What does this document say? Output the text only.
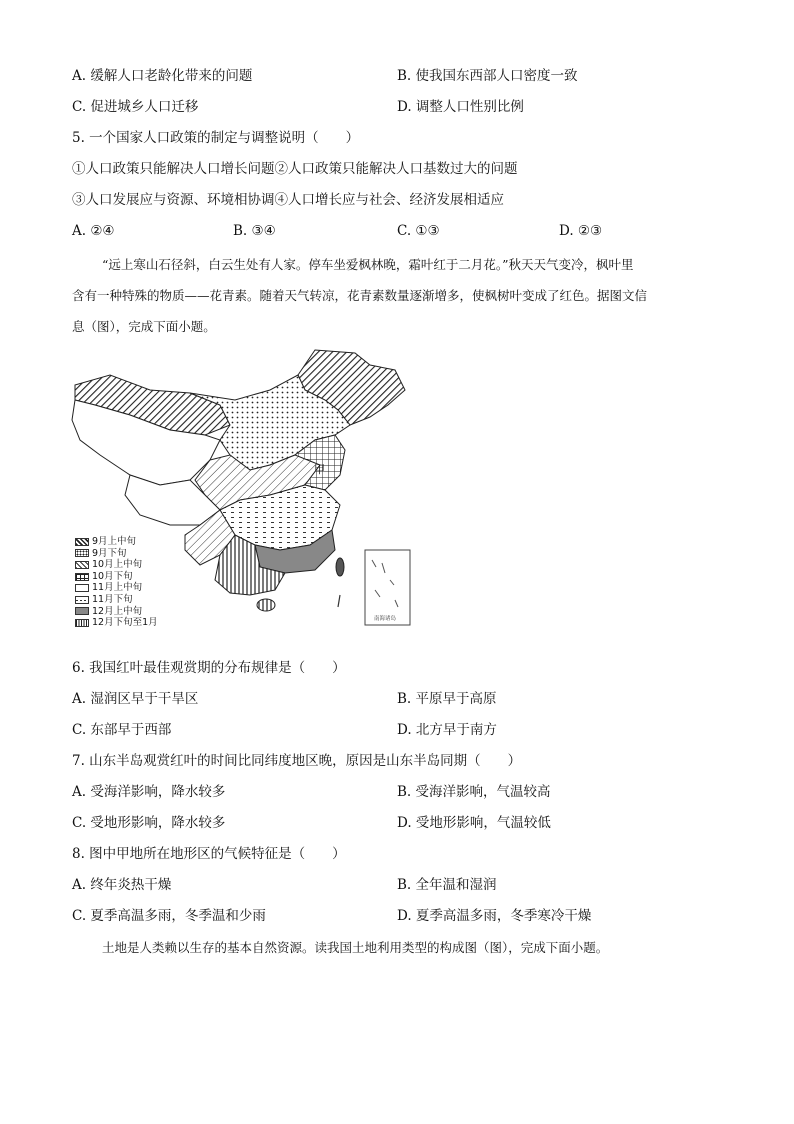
A. 缓解人口老龄化带来的问题	B. 使我国东西部人口密度一致
C. 促进城乡人口迁移	D. 调整人口性别比例
5. 一个国家人口政策的制定与调整说明（　　）
①人口政策只能解决人口增长问题②人口政策只能解决人口基数过大的问题
③人口发展应与资源、环境相协调④人口增长应与社会、经济发展相适应
A. ②④	B. ③④	C. ①③	D. ②③
“远上寒山石径斜，白云生处有人家。停车坐爱枫林晚，霜叶红于二月花。”秋天天气变冷，枫叶里
含有一种特殊的物质——花青素。随着天气转凉，花青素数量逐渐增多，使枫树叶变成了红色。据图文信
息（图），完成下面小题。
甲
南海诸岛
9月上中旬
9月下旬
10月上中旬
10月下旬
11月上中旬
11月下旬
12月上中旬
12月下旬至1月
6. 我国红叶最佳观赏期的分布规律是（　　）
A. 湿润区早于干旱区	B. 平原早于高原
C. 东部早于西部	D. 北方早于南方
7. 山东半岛观赏红叶的时间比同纬度地区晚，原因是山东半岛同期（　　）
A. 受海洋影响，降水较多	B. 受海洋影响，气温较高
C. 受地形影响，降水较多	D. 受地形影响，气温较低
8. 图中甲地所在地形区的气候特征是（　　）
A. 终年炎热干燥	B. 全年温和湿润
C. 夏季高温多雨，冬季温和少雨	D. 夏季高温多雨，冬季寒冷干燥
土地是人类赖以生存的基本自然资源。读我国土地利用类型的构成图（图），完成下面小题。
